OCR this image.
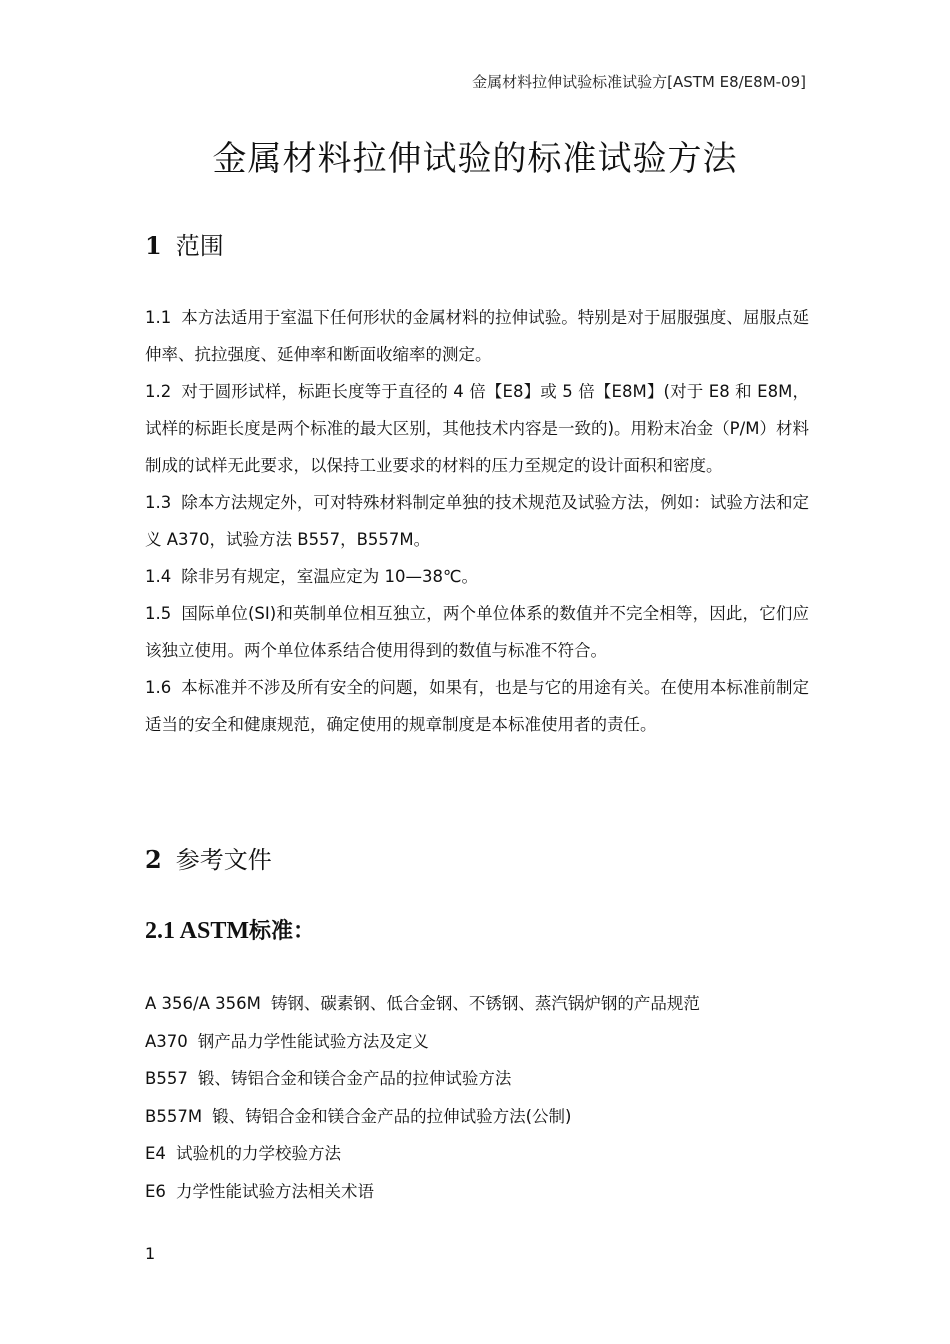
金属材料拉伸试验标准试验方[ASTM E8/E8M-09]
金属材料拉伸试验的标准试验方法
1 范围

1.1 本方法适用于室温下任何形状的金属材料的拉伸试验。特别是对于屈服强度、屈服点延伸率、抗拉强度、延伸率和断面收缩率的测定。

1.2 对于圆形试样，标距长度等于直径的 4 倍【E8】或 5 倍【E8M】(对于 E8 和 E8M，试样的标距长度是两个标准的最大区别，其他技术内容是一致的)。用粉末冶金（P/M）材料制成的试样无此要求，以保持工业要求的材料的压力至规定的设计面积和密度。

1.3 除本方法规定外，可对特殊材料制定单独的技术规范及试验方法，例如：试验方法和定义 A370，试验方法 B557，B557M。

1.4 除非另有规定，室温应定为 10—38℃。

1.5 国际单位(SI)和英制单位相互独立，两个单位体系的数值并不完全相等，因此，它们应该独立使用。两个单位体系结合使用得到的数值与标准不符合。

1.6 本标准并不涉及所有安全的问题，如果有，也是与它的用途有关。在使用本标准前制定适当的安全和健康规范，确定使用的规章制度是本标准使用者的责任。

2 参考文件
2.1 ASTM标准：

A 356/A 356M 铸钢、碳素钢、低合金钢、不锈钢、蒸汽锅炉钢的产品规范

A370 钢产品力学性能试验方法及定义

B557 锻、铸铝合金和镁合金产品的拉伸试验方法

B557M 锻、铸铝合金和镁合金产品的拉伸试验方法(公制)

E4 试验机的力学校验方法

E6 力学性能试验方法相关术语

1
